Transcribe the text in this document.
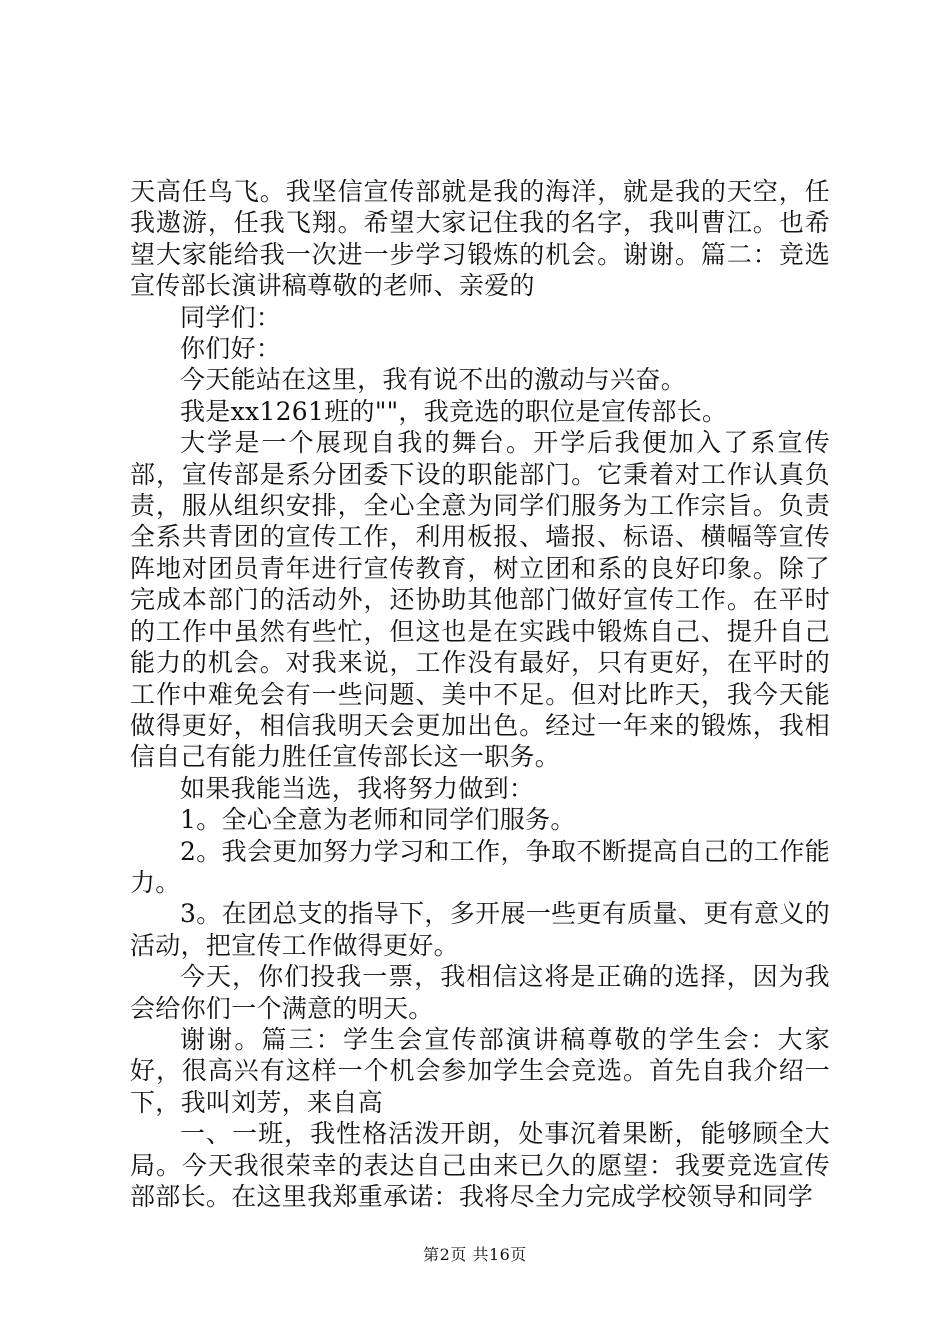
天高任鸟飞。我坚信宣传部就是我的海洋，就是我的天空，任我遨游，任我飞翔。希望大家记住我的名字，我叫曹江。也希望大家能给我一次进一步学习锻炼的机会。谢谢。篇二：竞选宣传部长演讲稿尊敬的老师、亲爱的

同学们：

你们好：

今天能站在这里，我有说不出的激动与兴奋。

我是xx1261班的""，我竞选的职位是宣传部长。

大学是一个展现自我的舞台。开学后我便加入了系宣传部，宣传部是系分团委下设的职能部门。它秉着对工作认真负责，服从组织安排，全心全意为同学们服务为工作宗旨。负责全系共青团的宣传工作，利用板报、墙报、标语、横幅等宣传阵地对团员青年进行宣传教育，树立团和系的良好印象。除了完成本部门的活动外，还协助其他部门做好宣传工作。在平时的工作中虽然有些忙，但这也是在实践中锻炼自己、提升自己能力的机会。对我来说，工作没有最好，只有更好，在平时的工作中难免会有一些问题、美中不足。但对比昨天，我今天能做得更好，相信我明天会更加出色。经过一年来的锻炼，我相信自己有能力胜任宣传部长这一职务。

如果我能当选，我将努力做到：

1。全心全意为老师和同学们服务。

2。我会更加努力学习和工作，争取不断提高自己的工作能力。

3。在团总支的指导下，多开展一些更有质量、更有意义的活动，把宣传工作做得更好。

今天，你们投我一票，我相信这将是正确的选择，因为我会给你们一个满意的明天。

谢谢。篇三：学生会宣传部演讲稿尊敬的学生会：大家好，很高兴有这样一个机会参加学生会竞选。首先自我介绍一下，我叫刘芳，来自高

一、一班，我性格活泼开朗，处事沉着果断，能够顾全大局。今天我很荣幸的表达自己由来已久的愿望：我要竞选宣传部部长。在这里我郑重承诺：我将尽全力完成学校领导和同学

第2页 共16页
